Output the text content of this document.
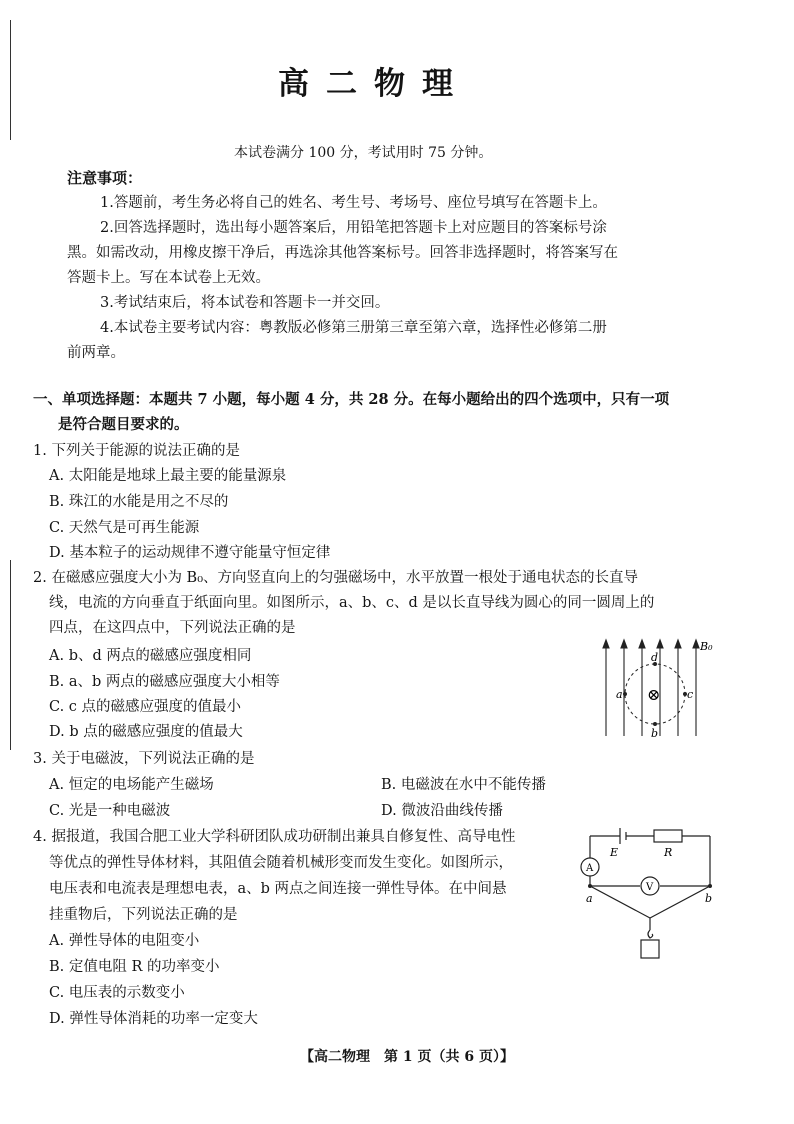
高二物理
本试卷满分 100 分，考试用时 75 分钟。
注意事项：
1.答题前，考生务必将自己的姓名、考生号、考场号、座位号填写在答题卡上。
2.回答选择题时，选出每小题答案后，用铅笔把答题卡上对应题目的答案标号涂
黑。如需改动，用橡皮擦干净后，再选涂其他答案标号。回答非选择题时，将答案写在
答题卡上。写在本试卷上无效。
3.考试结束后，将本试卷和答题卡一并交回。
4.本试卷主要考试内容：粤教版必修第三册第三章至第六章，选择性必修第二册
前两章。
一、单项选择题：本题共 7 小题，每小题 4 分，共 28 分。在每小题给出的四个选项中，只有一项
是符合题目要求的。
1. 下列关于能源的说法正确的是
A. 太阳能是地球上最主要的能量源泉
B. 珠江的水能是用之不尽的
C. 天然气是可再生能源
D. 基本粒子的运动规律不遵守能量守恒定律
2. 在磁感应强度大小为 B₀、方向竖直向上的匀强磁场中，水平放置一根处于通电状态的长直导
线，电流的方向垂直于纸面向里。如图所示，a、b、c、d 是以长直导线为圆心的同一圆周上的
四点，在这四点中，下列说法正确的是
A. b、d 两点的磁感应强度相同
B. a、b 两点的磁感应强度大小相等
C. c 点的磁感应强度的值最小
D. b 点的磁感应强度的值最大
⊗
d
b
a	c
B₀
3. 关于电磁波，下列说法正确的是
A. 恒定的电场能产生磁场	B. 电磁波在水中不能传播
C. 光是一种电磁波	D. 微波沿曲线传播
4. 据报道，我国合肥工业大学科研团队成功研制出兼具自修复性、高导电性
等优点的弹性导体材料，其阻值会随着机械形变而发生变化。如图所示，
电压表和电流表是理想电表，a、b 两点之间连接一弹性导体。在中间悬
挂重物后，下列说法正确的是
A. 弹性导体的电阻变小
B. 定值电阻 R 的功率变小
C. 电压表的示数变小
D. 弹性导体消耗的功率一定变大
E	R
A
V
a	b
【高二物理　第 1 页（共 6 页）】
